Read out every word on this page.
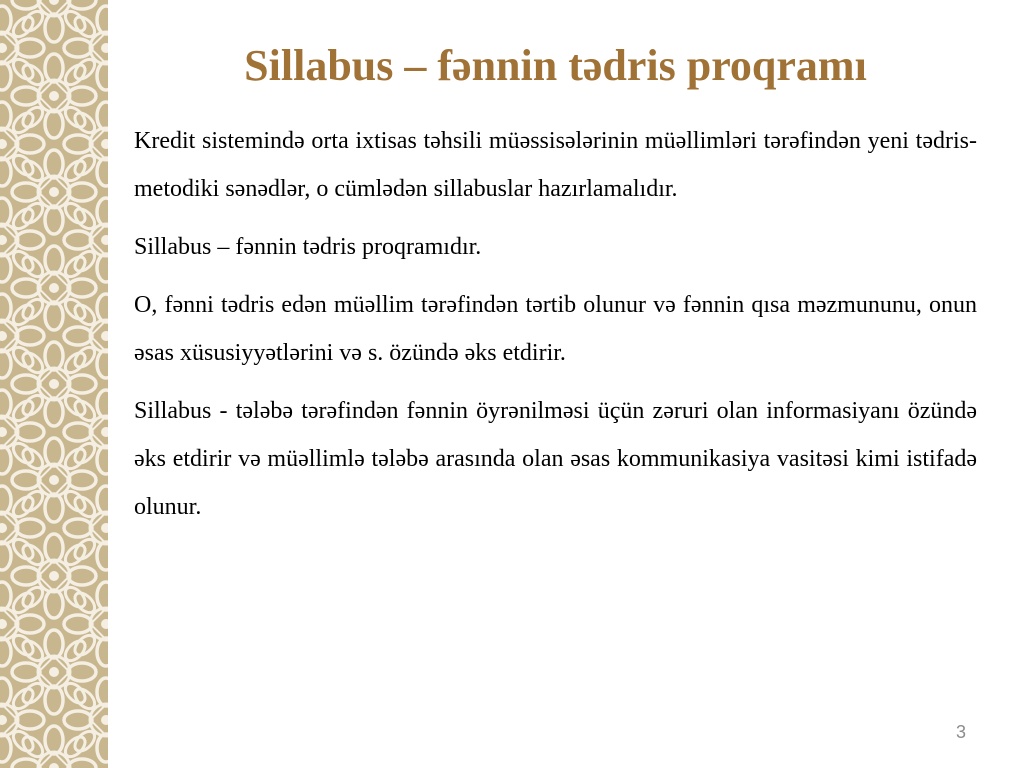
Sillabus – fənnin tədris proqramı

Kredit sistemində orta ixtisas təhsili müəssisələrinin müəllimləri tərəfindən yeni tədris-metodiki sənədlər, o cümlədən sillabuslar hazırlamalıdır.

Sillabus – fənnin tədris proqramıdır.

O, fənni tədris edən müəllim tərəfindən tərtib olunur və fənnin qısa məzmununu, onun əsas xüsusiyyətlərini və s. özündə əks etdirir.

Sillabus - tələbə tərəfindən fənnin öyrənilməsi üçün zəruri olan informasiyanı özündə əks etdirir və müəllimlə tələbə arasında olan əsas kommunikasiya vasitəsi kimi istifadə olunur.

3
